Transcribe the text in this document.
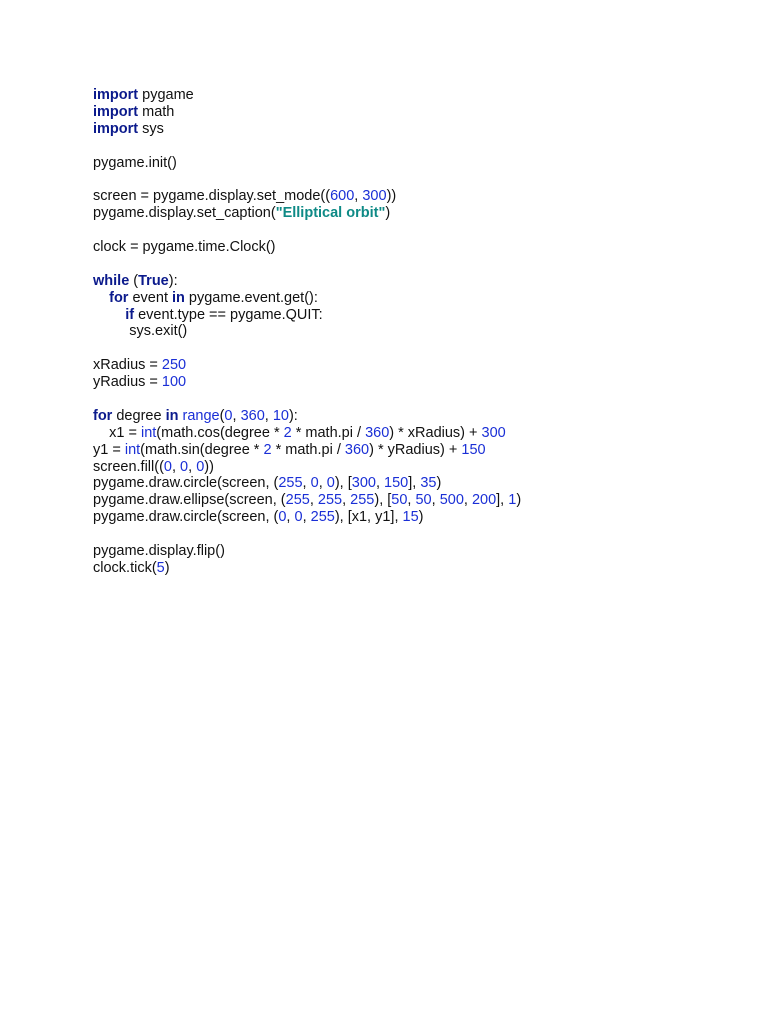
import pygame
import math
import sys
pygame.init()
screen = pygame.display.set_mode((600, 300))
pygame.display.set_caption("Elliptical orbit")
clock = pygame.time.Clock()
while (True):
for event in pygame.event.get():
if event.type == pygame.QUIT:
sys.exit()
xRadius = 250
yRadius = 100
for degree in range(0, 360, 10):
x1 = int(math.cos(degree * 2 * math.pi / 360) * xRadius) + 300
y1 = int(math.sin(degree * 2 * math.pi / 360) * yRadius) + 150
screen.fill((0, 0, 0))
pygame.draw.circle(screen, (255, 0, 0), [300, 150], 35)
pygame.draw.ellipse(screen, (255, 255, 255), [50, 50, 500, 200], 1)
pygame.draw.circle(screen, (0, 0, 255), [x1, y1], 15)
pygame.display.flip()
clock.tick(5)
